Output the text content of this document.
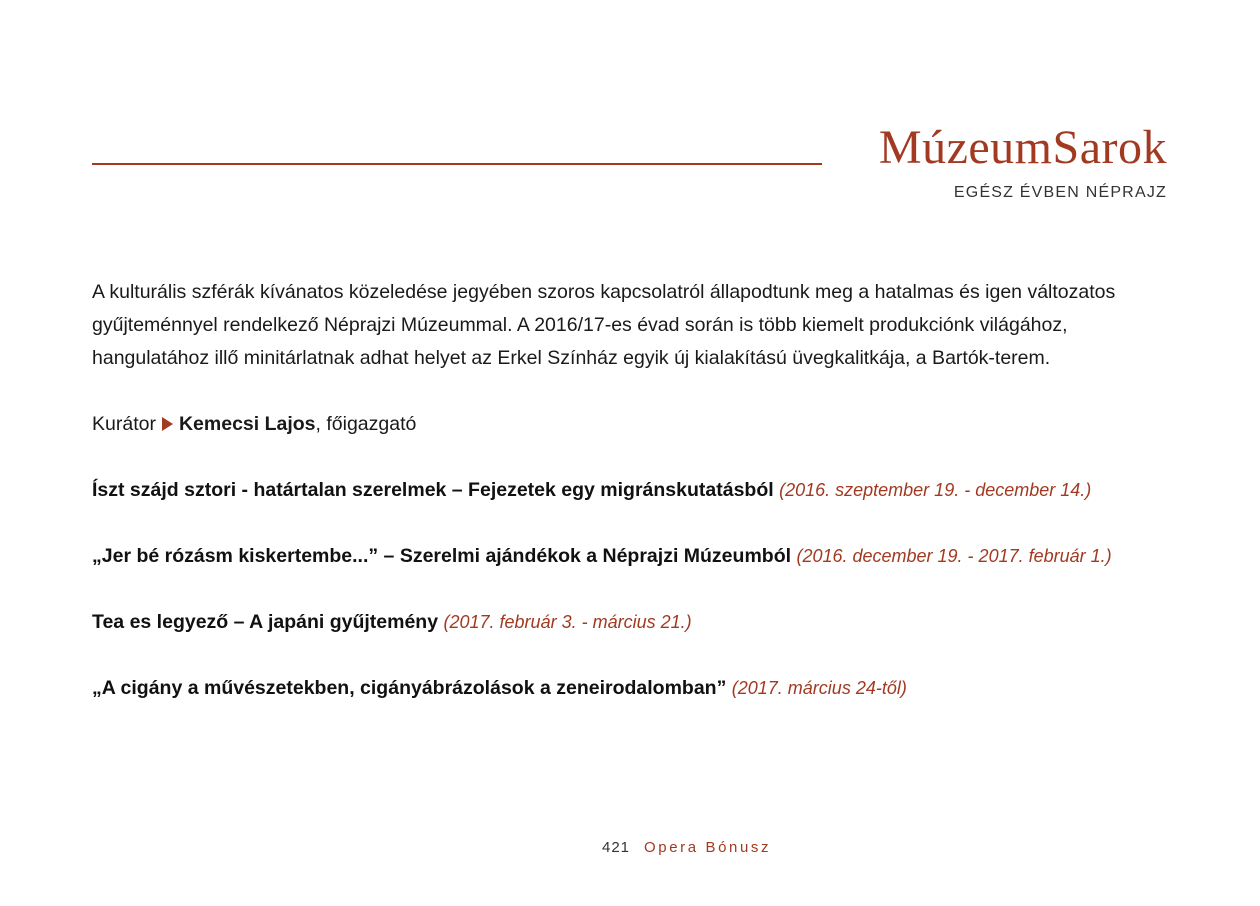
MúzeumSarok
EGÉSZ ÉVBEN NÉPRAJZ

A kulturális szférák kívánatos közeledése jegyében szoros kapcsolatról állapodtunk meg a hatalmas és igen változatos gyűjteménnyel rendelkező Néprajzi Múzeummal. A 2016/17-es évad során is több kiemelt produkciónk világához, hangulatához illő minitárlatnak adhat helyet az Erkel Színház egyik új kialakítású üvegkalitkája, a Bartók-terem.

Kurátor Kemecsi Lajos, főigazgató

Íszt szájd sztori - határtalan szerelmek – Fejezetek egy migránskutatásból (2016. szeptember 19. - december 14.)

„Jer bé rózásm kiskertembe...” – Szerelmi ajándékok a Néprajzi Múzeumból (2016. december 19. - 2017. február 1.)

Tea es legyező – A japáni gyűjtemény (2017. február 3. - március 21.)

„A cigány a művészetekben, cigányábrázolások a zeneirodalomban” (2017. március 24-től)

421 Opera Bónusz
